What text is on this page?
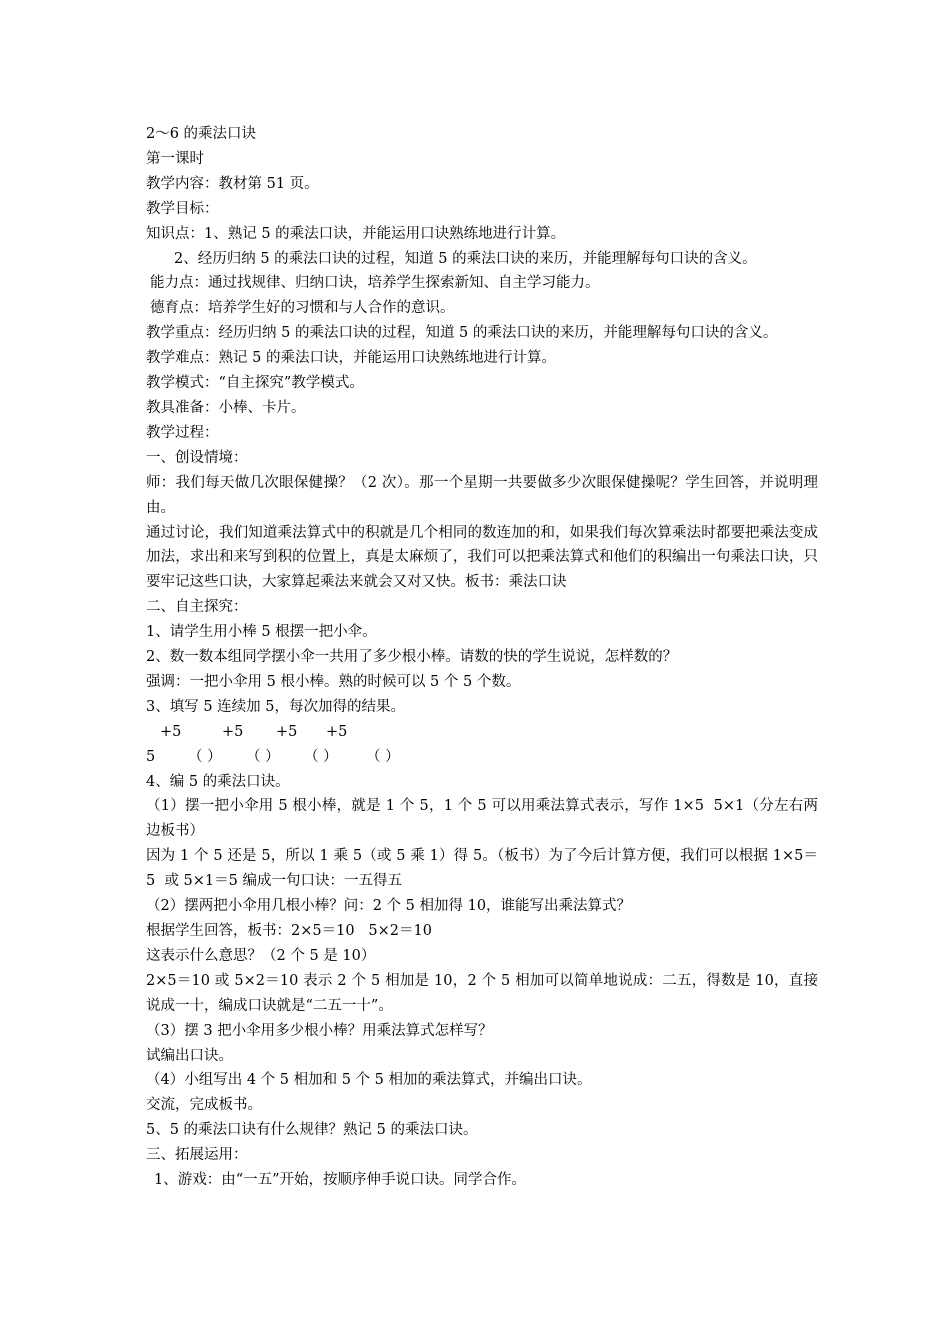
2～6 的乘法口诀

第一课时

教学内容：教材第 51 页。

教学目标：

知识点：1、熟记 5 的乘法口诀，并能运用口诀熟练地进行计算。

2、经历归纳 5 的乘法口诀的过程，知道 5 的乘法口诀的来历，并能理解每句口诀的含义。

能力点：通过找规律、归纳口诀，培养学生探索新知、自主学习能力。

德育点：培养学生好的习惯和与人合作的意识。

教学重点：经历归纳 5 的乘法口诀的过程，知道 5 的乘法口诀的来历，并能理解每句口诀的含义。

教学难点：熟记 5 的乘法口诀，并能运用口诀熟练地进行计算。

教学模式：“自主探究”教学模式。

教具准备：小棒、卡片。

教学过程：

一、创设情境：

师：我们每天做几次眼保健操？（2 次）。那一个星期一共要做多少次眼保健操呢？学生回答，并说明理由。

通过讨论，我们知道乘法算式中的积就是几个相同的数连加的和，如果我们每次算乘法时都要把乘法变成加法，求出和来写到积的位置上，真是太麻烦了，我们可以把乘法算式和他们的积编出一句乘法口诀，只要牢记这些口诀，大家算起乘法来就会又对又快。板书：乘法口诀

二、自主探究：

1、请学生用小棒 5 根摆一把小伞。

2、数一数本组同学摆小伞一共用了多少根小棒。请数的快的学生说说，怎样数的？

强调：一把小伞用 5 根小棒。熟的时候可以 5 个 5 个数。

3、填写 5 连续加 5，每次加得的结果。

+5	+5	+5	+5
5	（ ）	（ ）	（ ）	（ ）

4、编 5 的乘法口诀。

（1）摆一把小伞用 5 根小棒，就是 1 个 5，1 个 5 可以用乘法算式表示，写作 1×5  5×1（分左右两边板书）

因为 1 个 5 还是 5，所以 1 乘 5（或 5 乘 1）得 5。（板书）为了今后计算方便，我们可以根据 1×5＝5  或 5×1＝5 编成一句口诀：一五得五

（2）摆两把小伞用几根小棒？问：2 个 5 相加得 10，谁能写出乘法算式？

根据学生回答，板书：2×5＝10   5×2＝10

这表示什么意思？（2 个 5 是 10）

2×5＝10 或 5×2＝10 表示 2 个 5 相加是 10，2 个 5 相加可以简单地说成：二五，得数是 10，直接说成一十，编成口诀就是“二五一十”。

（3）摆 3 把小伞用多少根小棒？用乘法算式怎样写？

试编出口诀。

（4）小组写出 4 个 5 相加和 5 个 5 相加的乘法算式，并编出口诀。

交流，完成板书。

5、5 的乘法口诀有什么规律？熟记 5 的乘法口诀。

三、拓展运用：

1、游戏：由“一五”开始，按顺序伸手说口诀。同学合作。
